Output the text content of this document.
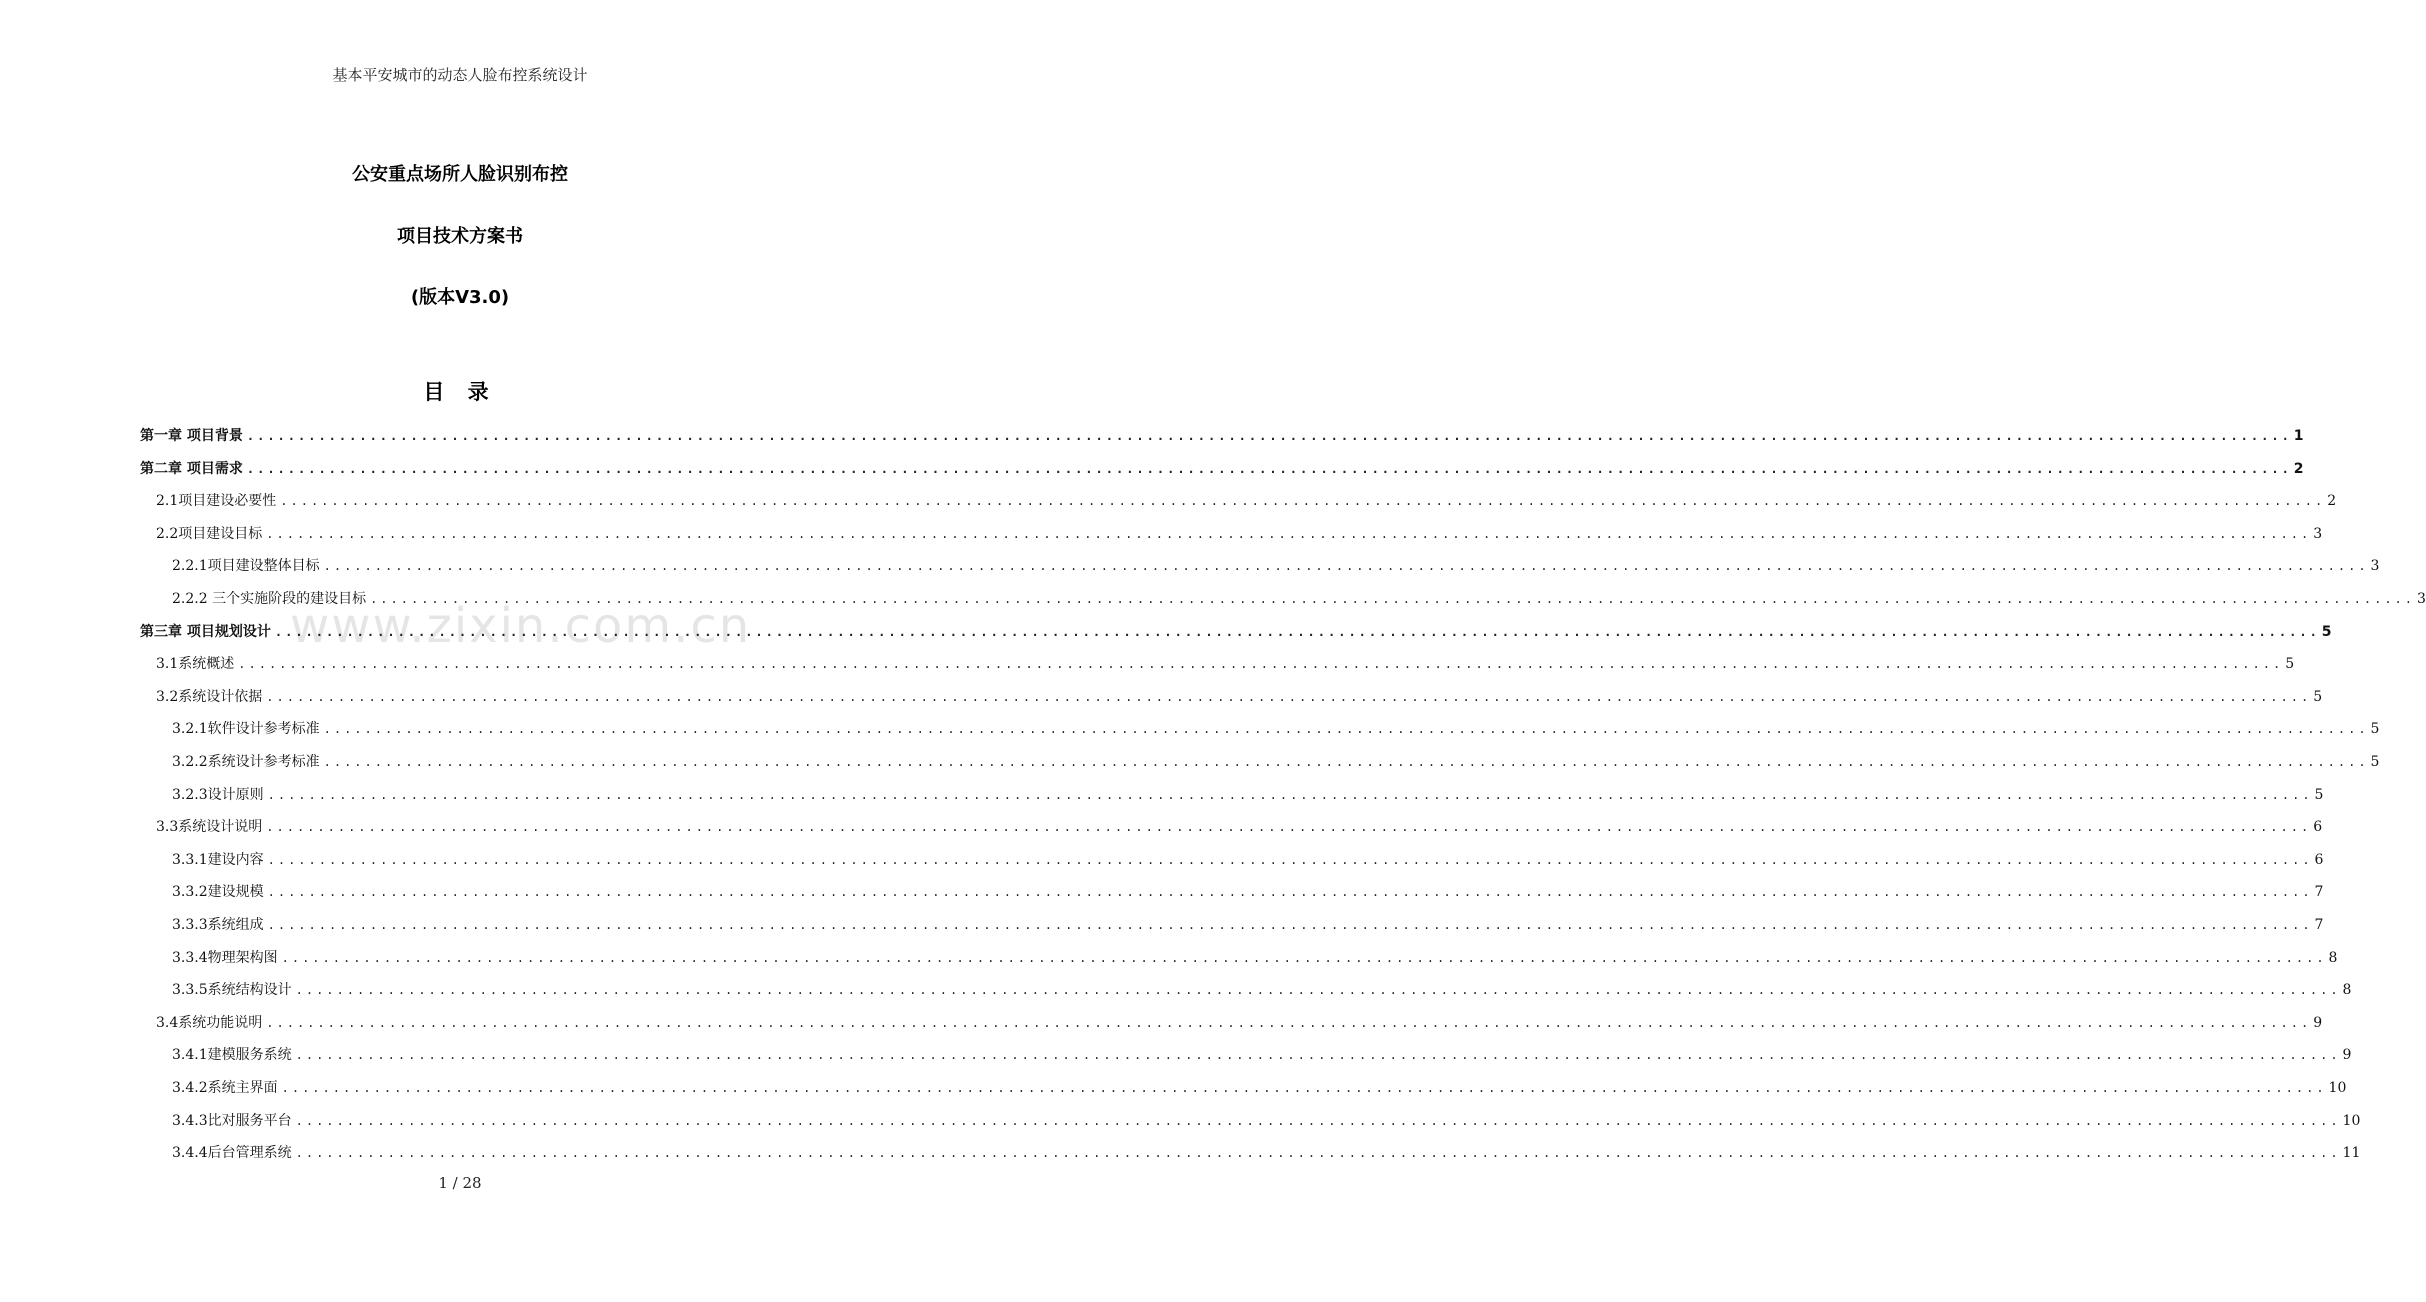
基本平安城市的动态人脸布控系统设计
公安重点场所人脸识别布控
项目技术方案书
(版本V3.0)
目 录
www.zixin.com.cn
第一章 项目背景 ........................................................................................................................................................................................................ 1
第二章 项目需求 ........................................................................................................................................................................................................ 2
2.1项目建设必要性 ........................................................................................................................................................................................................ 2
2.2项目建设目标 ........................................................................................................................................................................................................ 3
2.2.1项目建设整体目标 ........................................................................................................................................................................................................ 3
2.2.2 三个实施阶段的建设目标 ........................................................................................................................................................................................................ 3
第三章 项目规划设计 ........................................................................................................................................................................................................ 5
3.1系统概述 ........................................................................................................................................................................................................ 5
3.2系统设计依据 ........................................................................................................................................................................................................ 5
3.2.1软件设计参考标准 ........................................................................................................................................................................................................ 5
3.2.2系统设计参考标准 ........................................................................................................................................................................................................ 5
3.2.3设计原则 ........................................................................................................................................................................................................ 5
3.3系统设计说明 ........................................................................................................................................................................................................ 6
3.3.1建设内容 ........................................................................................................................................................................................................ 6
3.3.2建设规模 ........................................................................................................................................................................................................ 7
3.3.3系统组成 ........................................................................................................................................................................................................ 7
3.3.4物理架构图 ........................................................................................................................................................................................................ 8
3.3.5系统结构设计 ........................................................................................................................................................................................................ 8
3.4系统功能说明 ........................................................................................................................................................................................................ 9
3.4.1建模服务系统 ........................................................................................................................................................................................................ 9
3.4.2系统主界面 ........................................................................................................................................................................................................ 10
3.4.3比对服务平台 ........................................................................................................................................................................................................ 10
3.4.4后台管理系统 ........................................................................................................................................................................................................ 11
1 / 28
